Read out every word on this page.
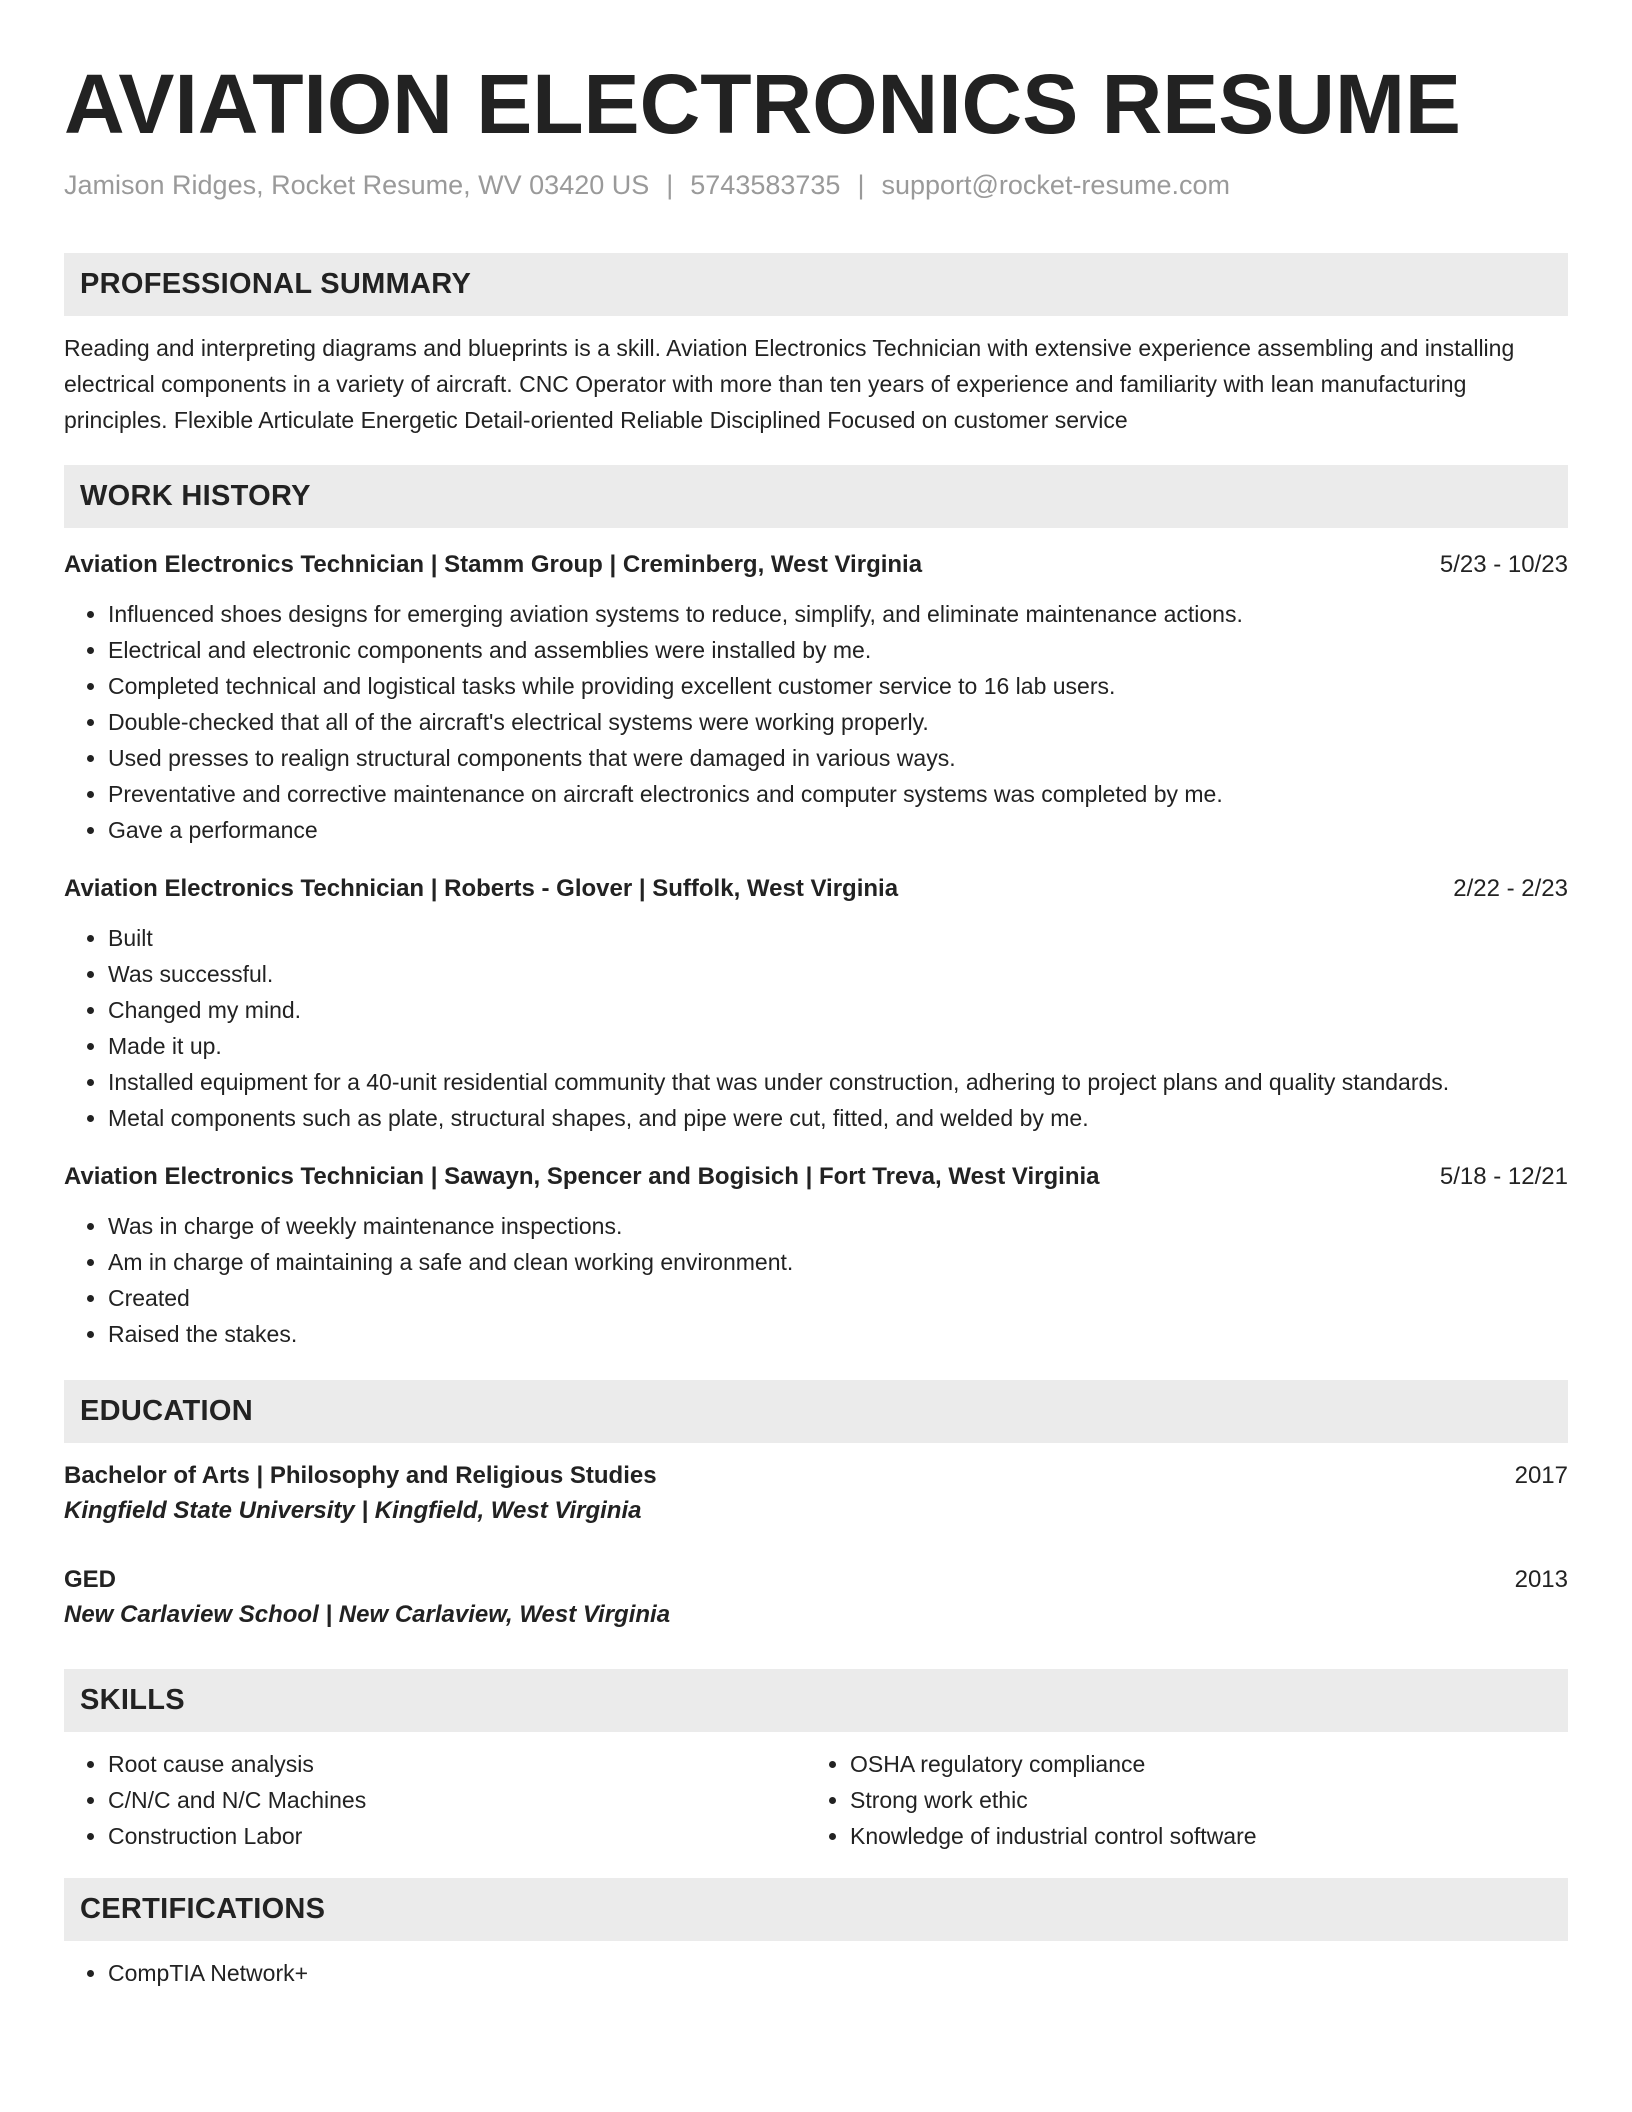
AVIATION ELECTRONICS RESUME
Jamison Ridges, Rocket Resume, WV 03420 US | 5743583735 | support@rocket-resume.com
PROFESSIONAL SUMMARY
Reading and interpreting diagrams and blueprints is a skill. Aviation Electronics Technician with extensive experience assembling and installing electrical components in a variety of aircraft. CNC Operator with more than ten years of experience and familiarity with lean manufacturing principles. Flexible Articulate Energetic Detail-oriented Reliable Disciplined Focused on customer service
WORK HISTORY
Aviation Electronics Technician | Stamm Group | Creminberg, West Virginia	5/23 - 10/23
• Influenced shoes designs for emerging aviation systems to reduce, simplify, and eliminate maintenance actions.
• Electrical and electronic components and assemblies were installed by me.
• Completed technical and logistical tasks while providing excellent customer service to 16 lab users.
• Double-checked that all of the aircraft's electrical systems were working properly.
• Used presses to realign structural components that were damaged in various ways.
• Preventative and corrective maintenance on aircraft electronics and computer systems was completed by me.
• Gave a performance
Aviation Electronics Technician | Roberts - Glover | Suffolk, West Virginia	2/22 - 2/23
• Built
• Was successful.
• Changed my mind.
• Made it up.
• Installed equipment for a 40-unit residential community that was under construction, adhering to project plans and quality standards.
• Metal components such as plate, structural shapes, and pipe were cut, fitted, and welded by me.
Aviation Electronics Technician | Sawayn, Spencer and Bogisich | Fort Treva, West Virginia	5/18 - 12/21
• Was in charge of weekly maintenance inspections.
• Am in charge of maintaining a safe and clean working environment.
• Created
• Raised the stakes.
EDUCATION
Bachelor of Arts | Philosophy and Religious Studies	2017
Kingfield State University | Kingfield, West Virginia
GED	2013
New Carlaview School | New Carlaview, West Virginia
SKILLS
• Root cause analysis
• C/N/C and N/C Machines
• Construction Labor
• OSHA regulatory compliance
• Strong work ethic
• Knowledge of industrial control software
CERTIFICATIONS
• CompTIA Network+
